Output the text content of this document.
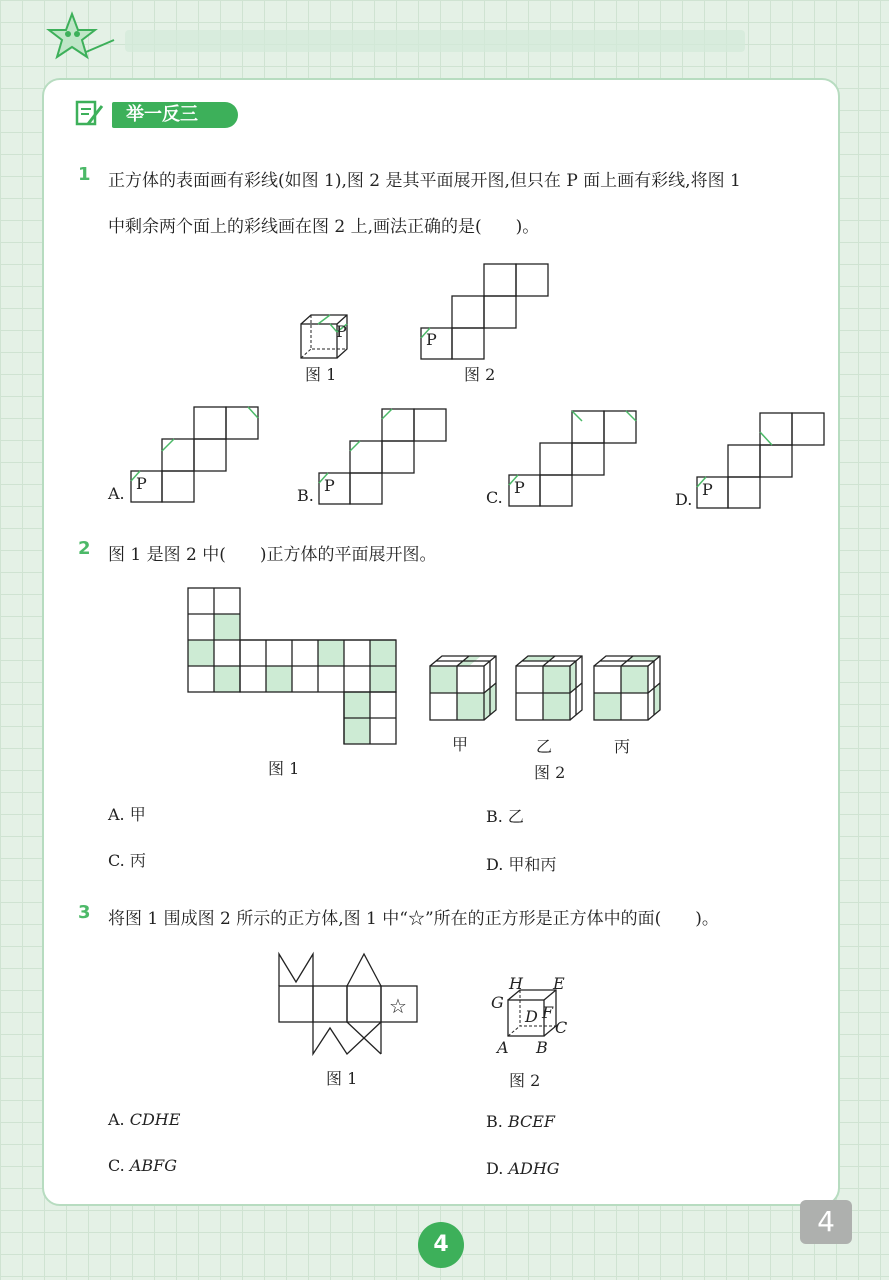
举一反三
1 正方体的表面画有彩线(如图 1),图 2 是其平面展开图,但只在 P 面上画有彩线,将图 1
中剩余两个面上的彩线画在图 2 上,画法正确的是(　　)。
P
图 1
P
图 2
A.
P
B.
P
C.
P
D.
P
2 图 1 是图 2 中(　　)正方体的平面展开图。
图 1
甲	乙	丙
图 2
A. 甲	B. 乙
C. 丙	D. 甲和丙
3 将图 1 围成图 2 所示的正方体,图 1 中“☆”所在的正方形是正方体中的面(　　)。
☆
图 1
H E
G
D F
C
A B
图 2
A. CDHE	B. BCEF
C. ABFG	D. ADHG
4
4
